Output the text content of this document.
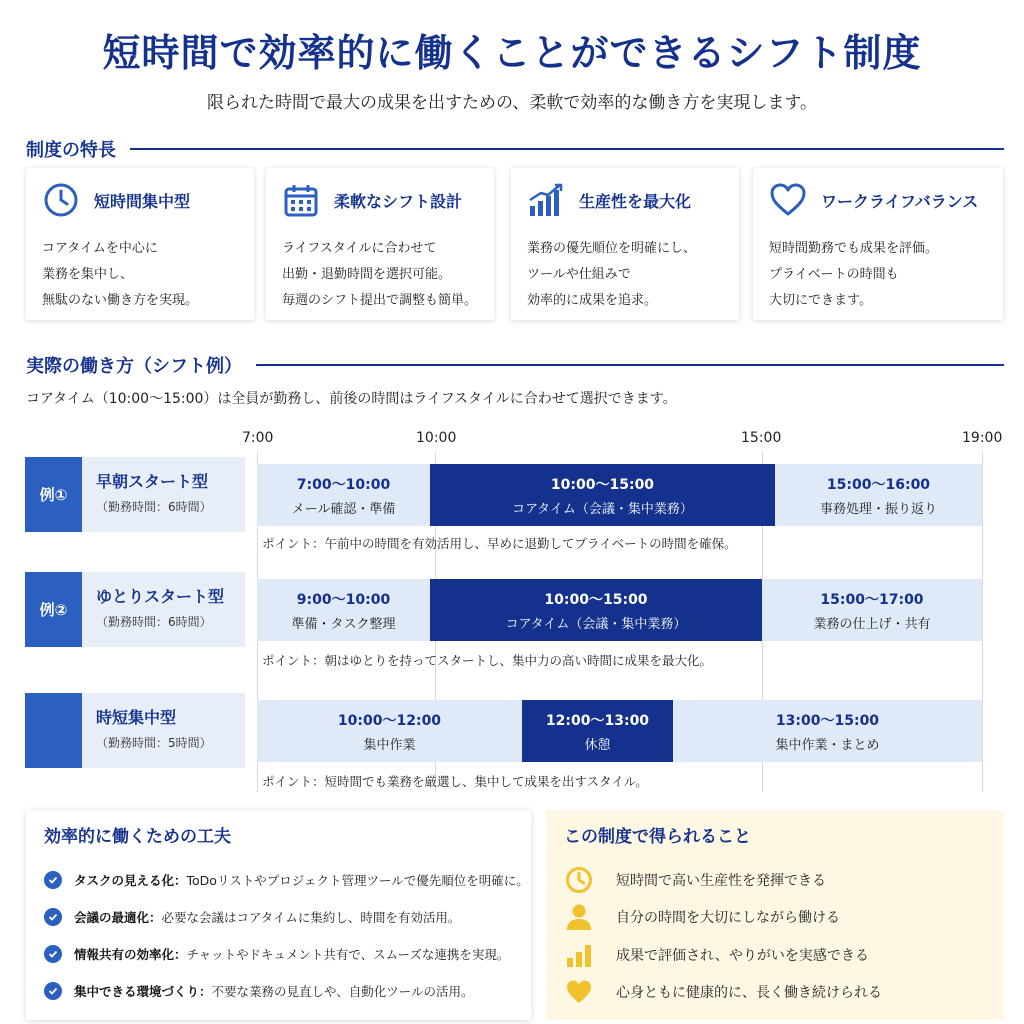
短時間で効率的に働くことができるシフト制度
限られた時間で最大の成果を出すための、柔軟で効率的な働き方を実現します。
制度の特長
短時間集中型
コアタイムを中心に
業務を集中し、
無駄のない働き方を実現。
柔軟なシフト設計
ライフスタイルに合わせて
出勤・退勤時間を選択可能。
毎週のシフト提出で調整も簡単。
生産性を最大化
業務の優先順位を明確にし、
ツールや仕組みで
効率的に成果を追求。
ワークライフバランス
短時間勤務でも成果を評価。
プライベートの時間も
大切にできます。
実際の働き方（シフト例）
コアタイム（10:00〜15:00）は全員が勤務し、前後の時間はライフスタイルに合わせて選択できます。
7:00	10:00	15:00	19:00
例①
早朝スタート型
（勤務時間：6時間）
7:00〜10:00
メール確認・準備
10:00〜15:00
コアタイム（会議・集中業務）
15:00〜16:00
事務処理・振り返り
ポイント：午前中の時間を有効活用し、早めに退勤してプライベートの時間を確保。
例②
ゆとりスタート型
（勤務時間：6時間）
9:00〜10:00
準備・タスク整理
10:00〜15:00
コアタイム（会議・集中業務）
15:00〜17:00
業務の仕上げ・共有
ポイント：朝はゆとりを持ってスタートし、集中力の高い時間に成果を最大化。
時短集中型
（勤務時間：5時間）
10:00〜12:00
集中作業
12:00〜13:00
休憩
13:00〜15:00
集中作業・まとめ
ポイント：短時間でも業務を厳選し、集中して成果を出すスタイル。
効率的に働くための工夫
タスクの見える化： ToDoリストやプロジェクト管理ツールで優先順位を明確に。
会議の最適化： 必要な会議はコアタイムに集約し、時間を有効活用。
情報共有の効率化： チャットやドキュメント共有で、スムーズな連携を実現。
集中できる環境づくり： 不要な業務の見直しや、自動化ツールの活用。
この制度で得られること
短時間で高い生産性を発揮できる
自分の時間を大切にしながら働ける
成果で評価され、やりがいを実感できる
心身ともに健康的に、長く働き続けられる
